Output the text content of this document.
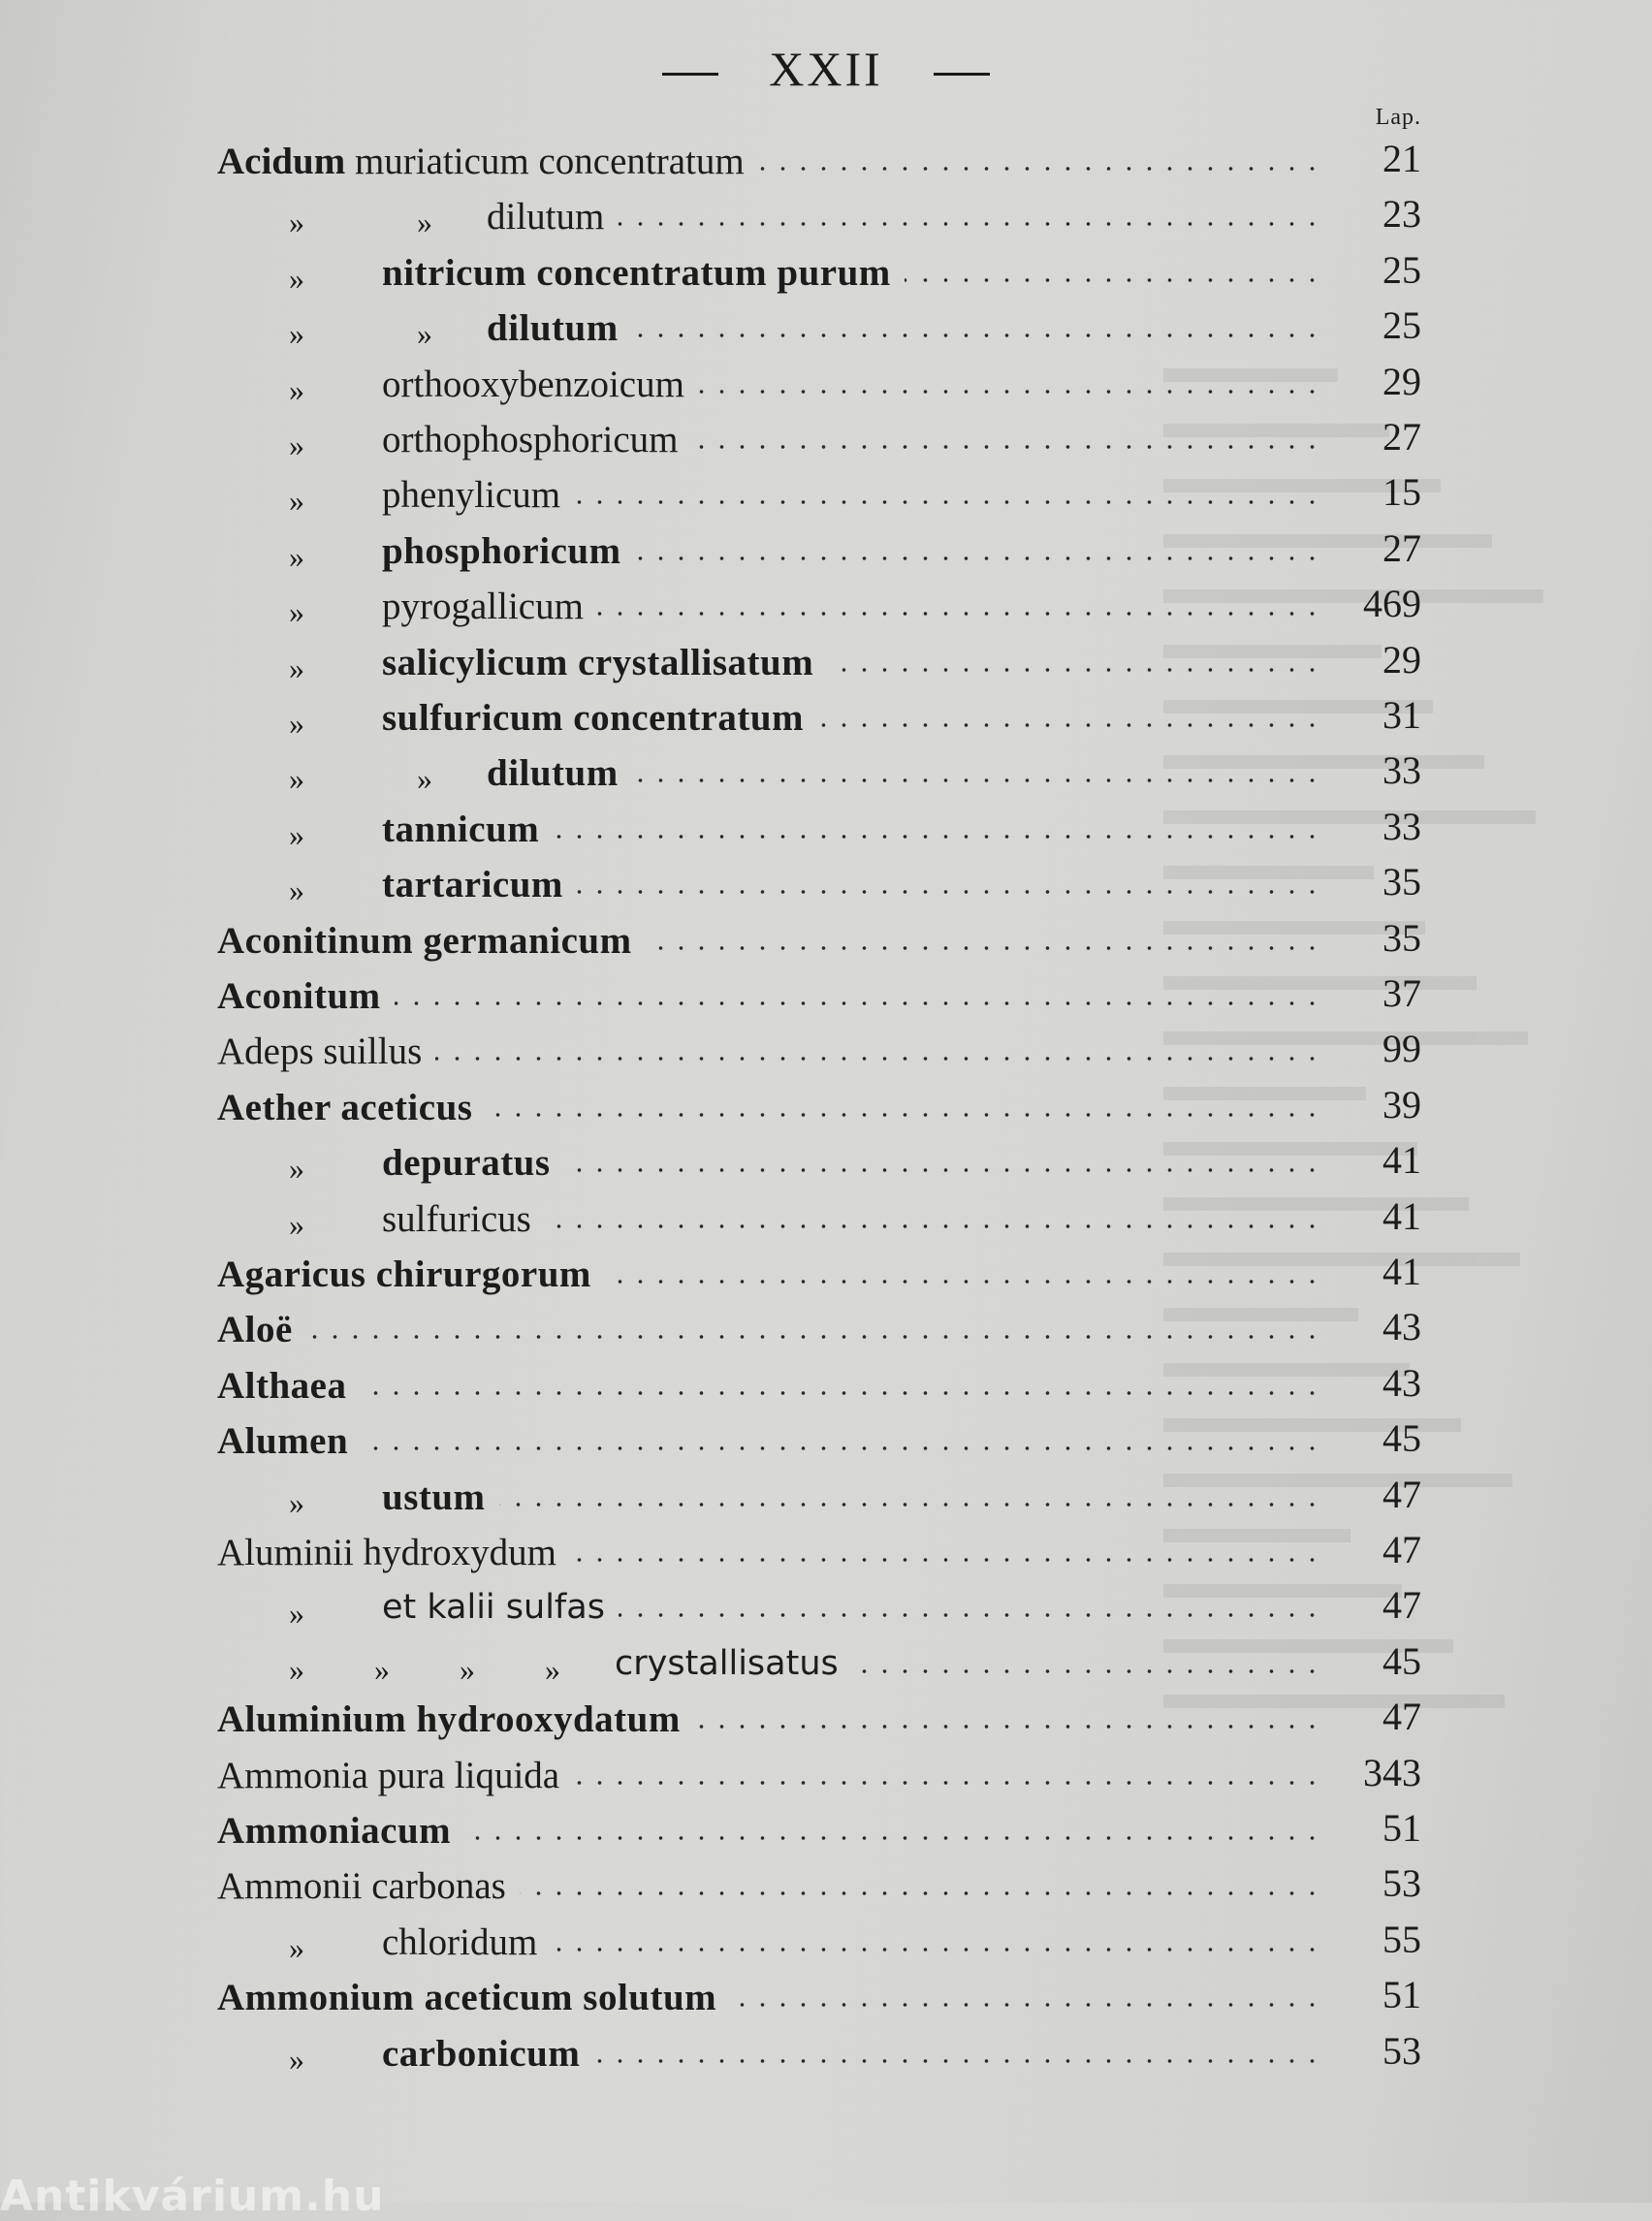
XXII
Lap.
Acidum muriaticum concentratum	21
»	» dilutum	23
» nitricum concentratum purum	25
»	» dilutum	25
» orthooxybenzoicum	29
» orthophosphoricum	27
» phenylicum	15
» phosphoricum	27
» pyrogallicum	469
» salicylicum crystallisatum	29
» sulfuricum concentratum	31
»	» dilutum	33
» tannicum	33
» tartaricum	35
Aconitinum germanicum	35
Aconitum	37
Adeps suillus	99
Aether aceticus	39
» depuratus	41
» sulfuricus	41
Agaricus chirurgorum	41
Aloë	43
Althaea	43
Alumen	45
» ustum	47
Aluminii hydroxydum	47
» et kalii sulfas	47
» » » » crystallisatus	45
Aluminium hydrooxydatum	47
Ammonia pura liquida	343
Ammoniacum	51
Ammonii carbonas	53
» chloridum	55
Ammonium aceticum solutum	51
» carbonicum	53
Antikvárium.hu
